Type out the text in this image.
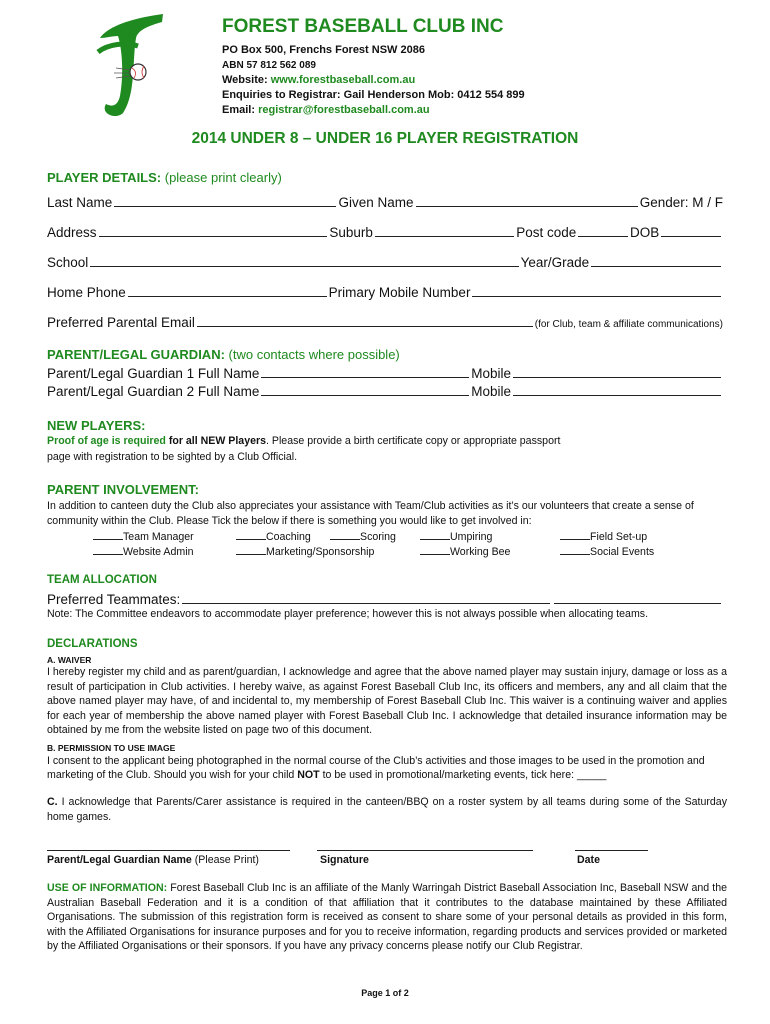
FOREST BASEBALL CLUB INC
PO Box 500, Frenchs Forest NSW 2086
ABN 57 812 562 089
Website: www.forestbaseball.com.au
Enquiries to Registrar: Gail Henderson Mob: 0412 554 899
Email: registrar@forestbaseball.com.au
2014 UNDER 8 – UNDER 16 PLAYER REGISTRATION
PLAYER DETAILS: (please print clearly)
Last Name	Given Name	Gender: M / F
Address	Suburb	Post code	DOB
School	Year/Grade
Home Phone	Primary Mobile Number
Preferred Parental Email	(for Club, team & affiliate communications)
PARENT/LEGAL GUARDIAN: (two contacts where possible)
Parent/Legal Guardian 1 Full Name	Mobile
Parent/Legal Guardian 2 Full Name	Mobile
NEW PLAYERS:
Proof of age is required for all NEW Players. Please provide a birth certificate copy or appropriate passport
page with registration to be sighted by a Club Official.
PARENT INVOLVEMENT:
In addition to canteen duty the Club also appreciates your assistance with Team/Club activities as it’s our volunteers that create a sense of community within the Club. Please Tick the below if there is something you would like to get involved in:
Team Manager	Coaching	Scoring	Umpiring	Field Set-up
Website Admin	Marketing/Sponsorship	Working Bee	Social Events
TEAM ALLOCATION
Preferred Teammates:
Note: The Committee endeavors to accommodate player preference; however this is not always possible when allocating teams.
DECLARATIONS
A. WAIVER
I hereby register my child and as parent/guardian, I acknowledge and agree that the above named player may sustain injury, damage or loss as a result of participation in Club activities. I hereby waive, as against Forest Baseball Club Inc, its officers and members, any and all claim that the above named player may have, of and incidental to, my membership of Forest Baseball Club Inc. This waiver is a continuing waiver and applies for each year of membership the above named player with Forest Baseball Club Inc. I acknowledge that detailed insurance information may be obtained by me from the website listed on page two of this document.
B. PERMISSION TO USE IMAGE
I consent to the applicant being photographed in the normal course of the Club’s activities and those images to be used in the promotion and
marketing of the Club. Should you wish for your child NOT to be used in promotional/marketing events, tick here: _____
C. I acknowledge that Parents/Carer assistance is required in the canteen/BBQ on a roster system by all teams during some of the Saturday home games.
Parent/Legal Guardian Name (Please Print)	Signature	Date
USE OF INFORMATION: Forest Baseball Club Inc is an affiliate of the Manly Warringah District Baseball Association Inc, Baseball NSW and the Australian Baseball Federation and it is a condition of that affiliation that it contributes to the database maintained by these Affiliated Organisations. The submission of this registration form is received as consent to share some of your personal details as provided in this form, with the Affiliated Organisations for insurance purposes and for you to receive information, regarding products and services provided or marketed by the Affiliated Organisations or their sponsors. If you have any privacy concerns please notify our Club Registrar.
Page 1 of 2
